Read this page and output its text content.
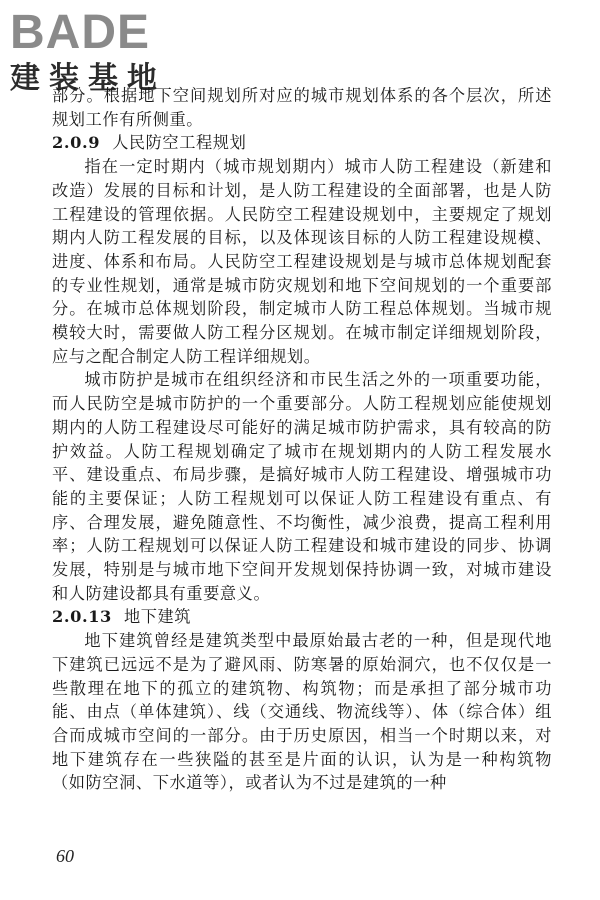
BADE
建装基地

部分。根据地下空间规划所对应的城市规划体系的各个层次，所述规划工作有所侧重。

2.0.9 人民防空工程规划

指在一定时期内（城市规划期内）城市人防工程建设（新建和改造）发展的目标和计划，是人防工程建设的全面部署，也是人防工程建设的管理依据。人民防空工程建设规划中，主要规定了规划期内人防工程发展的目标，以及体现该目标的人防工程建设规模、进度、体系和布局。人民防空工程建设规划是与城市总体规划配套的专业性规划，通常是城市防灾规划和地下空间规划的一个重要部分。在城市总体规划阶段，制定城市人防工程总体规划。当城市规模较大时，需要做人防工程分区规划。在城市制定详细规划阶段，应与之配合制定人防工程详细规划。

城市防护是城市在组织经济和市民生活之外的一项重要功能，而人民防空是城市防护的一个重要部分。人防工程规划应能使规划期内的人防工程建设尽可能好的满足城市防护需求，具有较高的防护效益。人防工程规划确定了城市在规划期内的人防工程发展水平、建设重点、布局步骤，是搞好城市人防工程建设、增强城市功能的主要保证；人防工程规划可以保证人防工程建设有重点、有序、合理发展，避免随意性、不均衡性，减少浪费，提高工程利用率；人防工程规划可以保证人防工程建设和城市建设的同步、协调发展，特别是与城市地下空间开发规划保持协调一致，对城市建设和人防建设都具有重要意义。

2.0.13 地下建筑

地下建筑曾经是建筑类型中最原始最古老的一种，但是现代地下建筑已远远不是为了避风雨、防寒暑的原始洞穴，也不仅仅是一些散理在地下的孤立的建筑物、构筑物；而是承担了部分城市功能、由点（单体建筑）、线（交通线、物流线等）、体（综合体）组合而成城市空间的一部分。由于历史原因，相当一个时期以来，对地下建筑存在一些狭隘的甚至是片面的认识，认为是一种构筑物（如防空洞、下水道等），或者认为不过是建筑的一种

60
